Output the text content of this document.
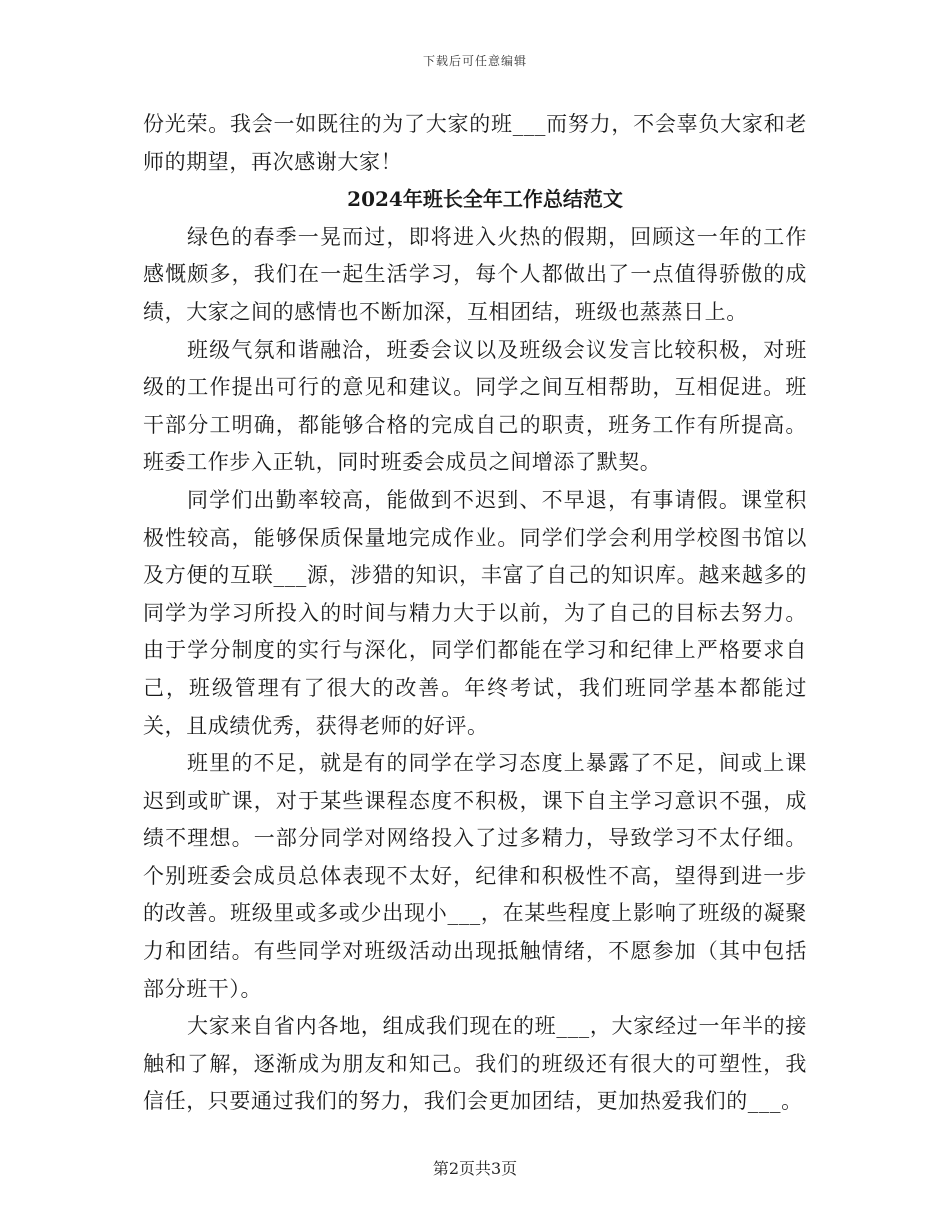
下载后可任意编辑

份光荣。我会一如既往的为了大家的班___而努力，不会辜负大家和老师的期望，再次感谢大家！

2024年班长全年工作总结范文

绿色的春季一晃而过，即将进入火热的假期，回顾这一年的工作感慨颇多，我们在一起生活学习，每个人都做出了一点值得骄傲的成绩，大家之间的感情也不断加深，互相团结，班级也蒸蒸日上。

班级气氛和谐融洽，班委会议以及班级会议发言比较积极，对班级的工作提出可行的意见和建议。同学之间互相帮助，互相促进。班干部分工明确，都能够合格的完成自己的职责，班务工作有所提高。班委工作步入正轨，同时班委会成员之间增添了默契。

同学们出勤率较高，能做到不迟到、不早退，有事请假。课堂积极性较高，能够保质保量地完成作业。同学们学会利用学校图书馆以及方便的互联___源，涉猎的知识，丰富了自己的知识库。越来越多的同学为学习所投入的时间与精力大于以前，为了自己的目标去努力。由于学分制度的实行与深化，同学们都能在学习和纪律上严格要求自己，班级管理有了很大的改善。年终考试，我们班同学基本都能过关，且成绩优秀，获得老师的好评。

班里的不足，就是有的同学在学习态度上暴露了不足，间或上课迟到或旷课，对于某些课程态度不积极，课下自主学习意识不强，成绩不理想。一部分同学对网络投入了过多精力，导致学习不太仔细。个别班委会成员总体表现不太好，纪律和积极性不高，望得到进一步的改善。班级里或多或少出现小___，在某些程度上影响了班级的凝聚力和团结。有些同学对班级活动出现抵触情绪，不愿参加（其中包括部分班干）。

大家来自省内各地，组成我们现在的班___，大家经过一年半的接触和了解，逐渐成为朋友和知己。我们的班级还有很大的可塑性，我信任，只要通过我们的努力，我们会更加团结，更加热爱我们的___。

第2页共3页
